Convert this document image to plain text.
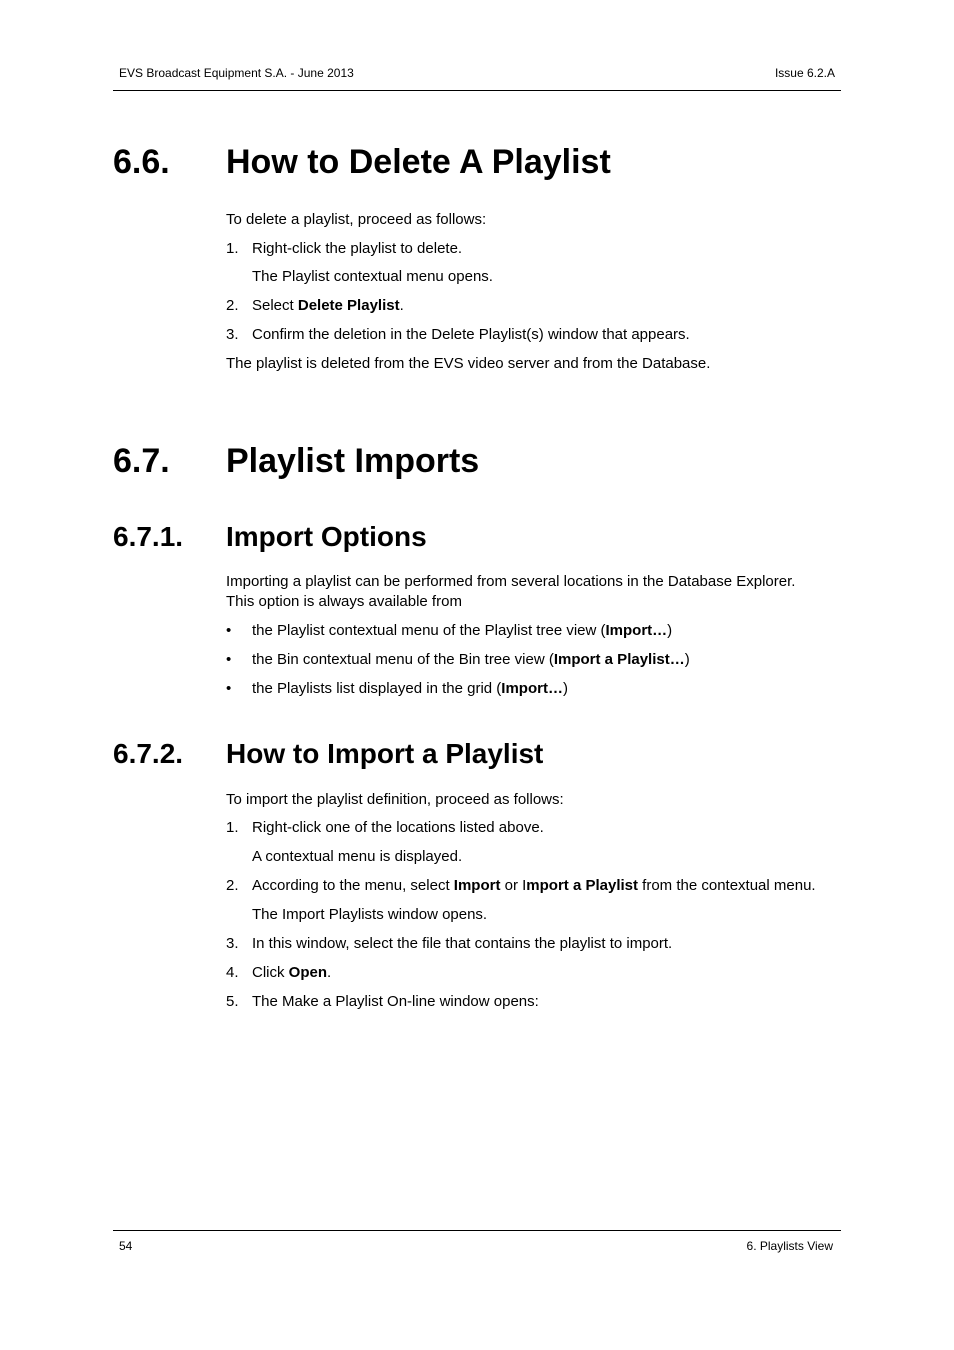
EVS Broadcast Equipment S.A. - June 2013	Issue 6.2.A
6.6. How to Delete A Playlist
To delete a playlist, proceed as follows:
1. Right-click the playlist to delete.
The Playlist contextual menu opens.
2. Select Delete Playlist.
3. Confirm the deletion in the Delete Playlist(s) window that appears.
The playlist is deleted from the EVS video server and from the Database.
6.7. Playlist Imports
6.7.1. Import Options
Importing a playlist can be performed from several locations in the Database Explorer.
This option is always available from
• the Playlist contextual menu of the Playlist tree view (Import…)
• the Bin contextual menu of the Bin tree view (Import a Playlist…)
• the Playlists list displayed in the grid (Import…)
6.7.2. How to Import a Playlist
To import the playlist definition, proceed as follows:
1. Right-click one of the locations listed above.
A contextual menu is displayed.
2. According to the menu, select Import or Import a Playlist from the contextual menu.
The Import Playlists window opens.
3. In this window, select the file that contains the playlist to import.
4. Click Open.
5. The Make a Playlist On-line window opens:
54	6. Playlists View
